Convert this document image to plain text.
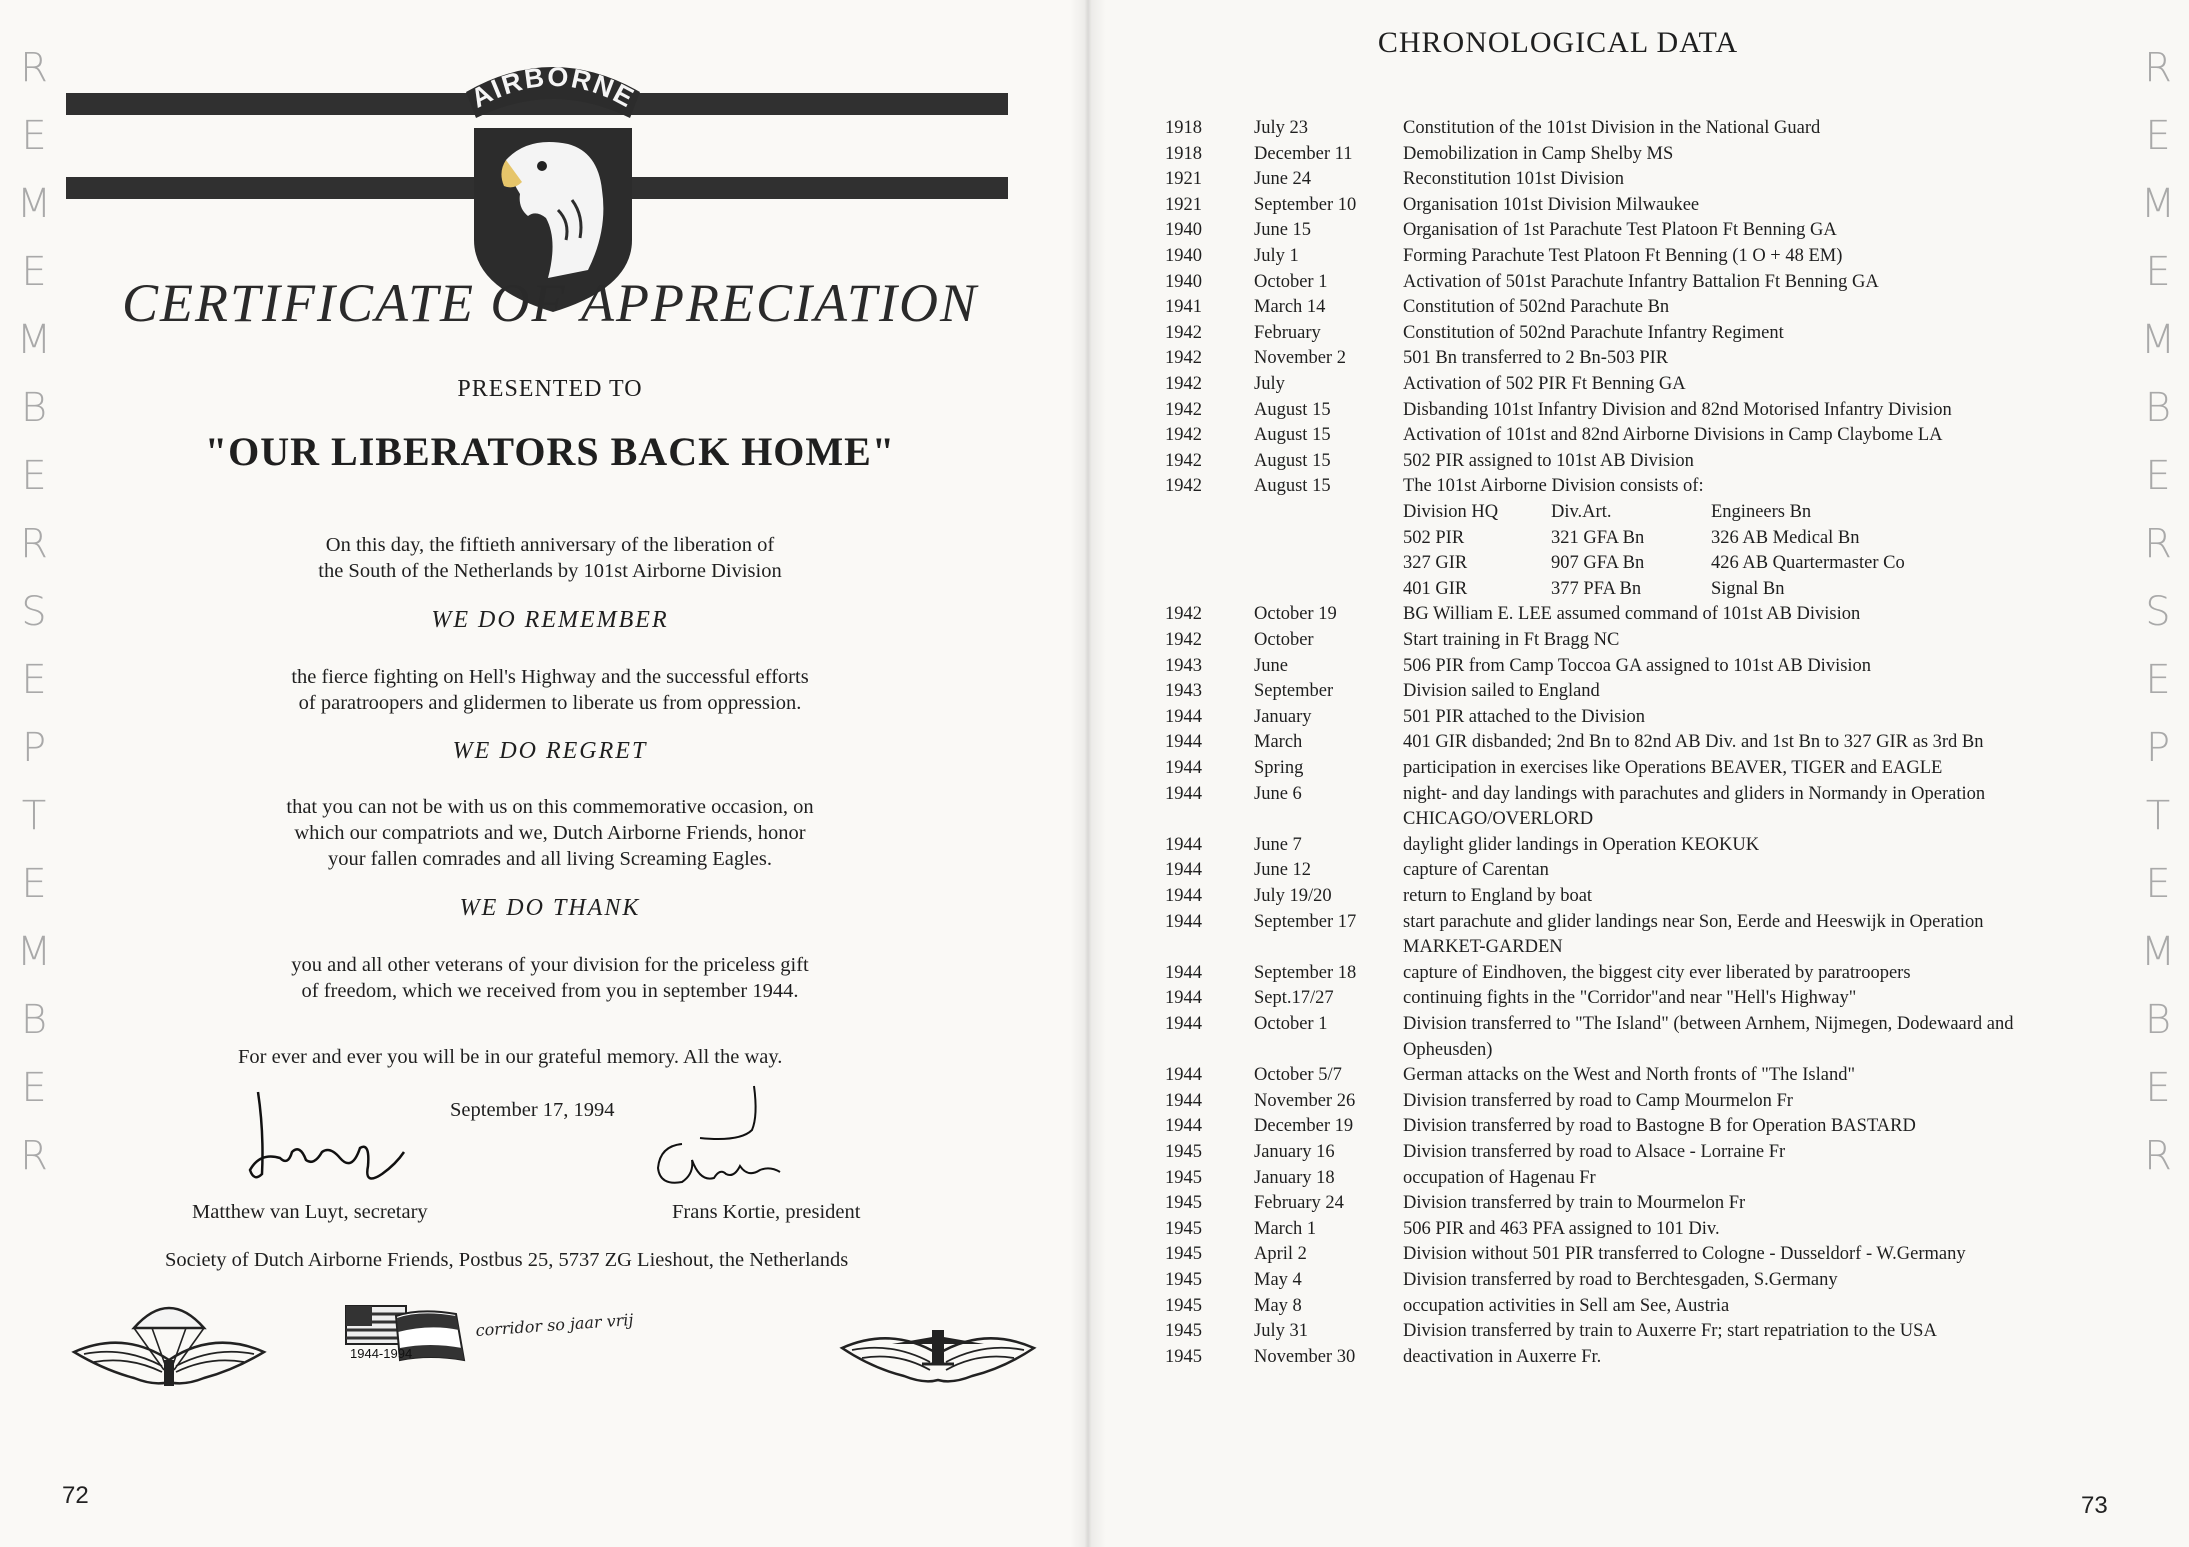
R
E
M
E
M
B
E
R
S
E
P
T
E
M
B
E
R
R
E
M
E
M
B
E
R
S
E
P
T
E
M
B
E
R
AIRBORNE
CERTIFICATE OF APPRECIATION
PRESENTED TO
"OUR LIBERATORS BACK HOME"

On this day, the fiftieth anniversary of the liberation of
the South of the Netherlands by 101st Airborne Division

WE DO REMEMBER

the fierce fighting on Hell's Highway and the successful efforts
of paratroopers and glidermen to liberate us from oppression.

WE DO REGRET

that you can not be with us on this commemorative occasion, on
which our compatriots and we, Dutch Airborne Friends, honor
your fallen comrades and all living Screaming Eagles.

WE DO THANK

you and all other veterans of your division for the priceless gift
of freedom, which we received from you in september 1944.

For ever and ever you will be in our grateful memory. All the way.
September 17, 1994
Matthew van Luyt, secretary	Frans Kortie, president
Society of Dutch Airborne Friends, Postbus 25, 5737 ZG Lieshout, the Netherlands
1944-1994
corridor so jaar vrij
72
CHRONOLOGICAL DATA
1918	July 23	Constitution of the 101st Division in the National Guard
1918	December 11	Demobilization in Camp Shelby MS
1921	June 24	Reconstitution 101st Division
1921	September 10	Organisation 101st Division Milwaukee
1940	June 15	Organisation of 1st Parachute Test Platoon Ft Benning GA
1940	July 1	Forming Parachute Test Platoon Ft Benning (1 O + 48 EM)
1940	October 1	Activation of 501st Parachute Infantry Battalion Ft Benning GA
1941	March 14	Constitution of 502nd Parachute Bn
1942	February	Constitution of 502nd Parachute Infantry Regiment
1942	November 2	501 Bn transferred to 2 Bn-503 PIR
1942	July	Activation of 502 PIR Ft Benning GA
1942	August 15	Disbanding 101st Infantry Division and 82nd Motorised Infantry Division
1942	August 15	Activation of 101st and 82nd Airborne Divisions in Camp Claybome LA
1942	August 15	502 PIR assigned to 101st AB Division
1942	August 15	The 101st Airborne Division consists of:
Division HQ	Div.Art.	Engineers Bn
502 PIR	321 GFA Bn	326 AB Medical Bn
327 GIR	907 GFA Bn	426 AB Quartermaster Co
401 GIR	377 PFA Bn	Signal Bn
1942	October 19	BG William E. LEE assumed command of 101st AB Division
1942	October	Start training in Ft Bragg NC
1943	June	506 PIR from Camp Toccoa GA assigned to 101st AB Division
1943	September	Division sailed to England
1944	January	501 PIR attached to the Division
1944	March	401 GIR disbanded; 2nd Bn to 82nd AB Div. and 1st Bn to 327 GIR as 3rd Bn
1944	Spring	participation in exercises like Operations BEAVER, TIGER and EAGLE
1944	June 6	night- and day landings with parachutes and gliders in Normandy in Operation
CHICAGO/OVERLORD
1944	June 7	daylight glider landings in Operation KEOKUK
1944	June 12	capture of Carentan
1944	July 19/20	return to England by boat
1944	September 17	start parachute and glider landings near Son, Eerde and Heeswijk in Operation
MARKET-GARDEN
1944	September 18	capture of Eindhoven, the biggest city ever liberated by paratroopers
1944	Sept.17/27	continuing fights in the "Corridor"and near "Hell's Highway"
1944	October 1	Division transferred to "The Island" (between Arnhem, Nijmegen, Dodewaard and
Opheusden)
1944	October 5/7	German attacks on the West and North fronts of "The Island"
1944	November 26	Division transferred by road to Camp Mourmelon Fr
1944	December 19	Division transferred by road to Bastogne B for Operation BASTARD
1945	January 16	Division transferred by road to Alsace - Lorraine Fr
1945	January 18	occupation of Hagenau Fr
1945	February 24	Division transferred by train to Mourmelon Fr
1945	March 1	506 PIR and 463 PFA assigned to 101 Div.
1945	April 2	Division without 501 PIR transferred to Cologne - Dusseldorf - W.Germany
1945	May 4	Division transferred by road to Berchtesgaden, S.Germany
1945	May 8	occupation activities in Sell am See, Austria
1945	July 31	Division transferred by train to Auxerre Fr; start repatriation to the USA
1945	November 30	deactivation in Auxerre Fr.
73
